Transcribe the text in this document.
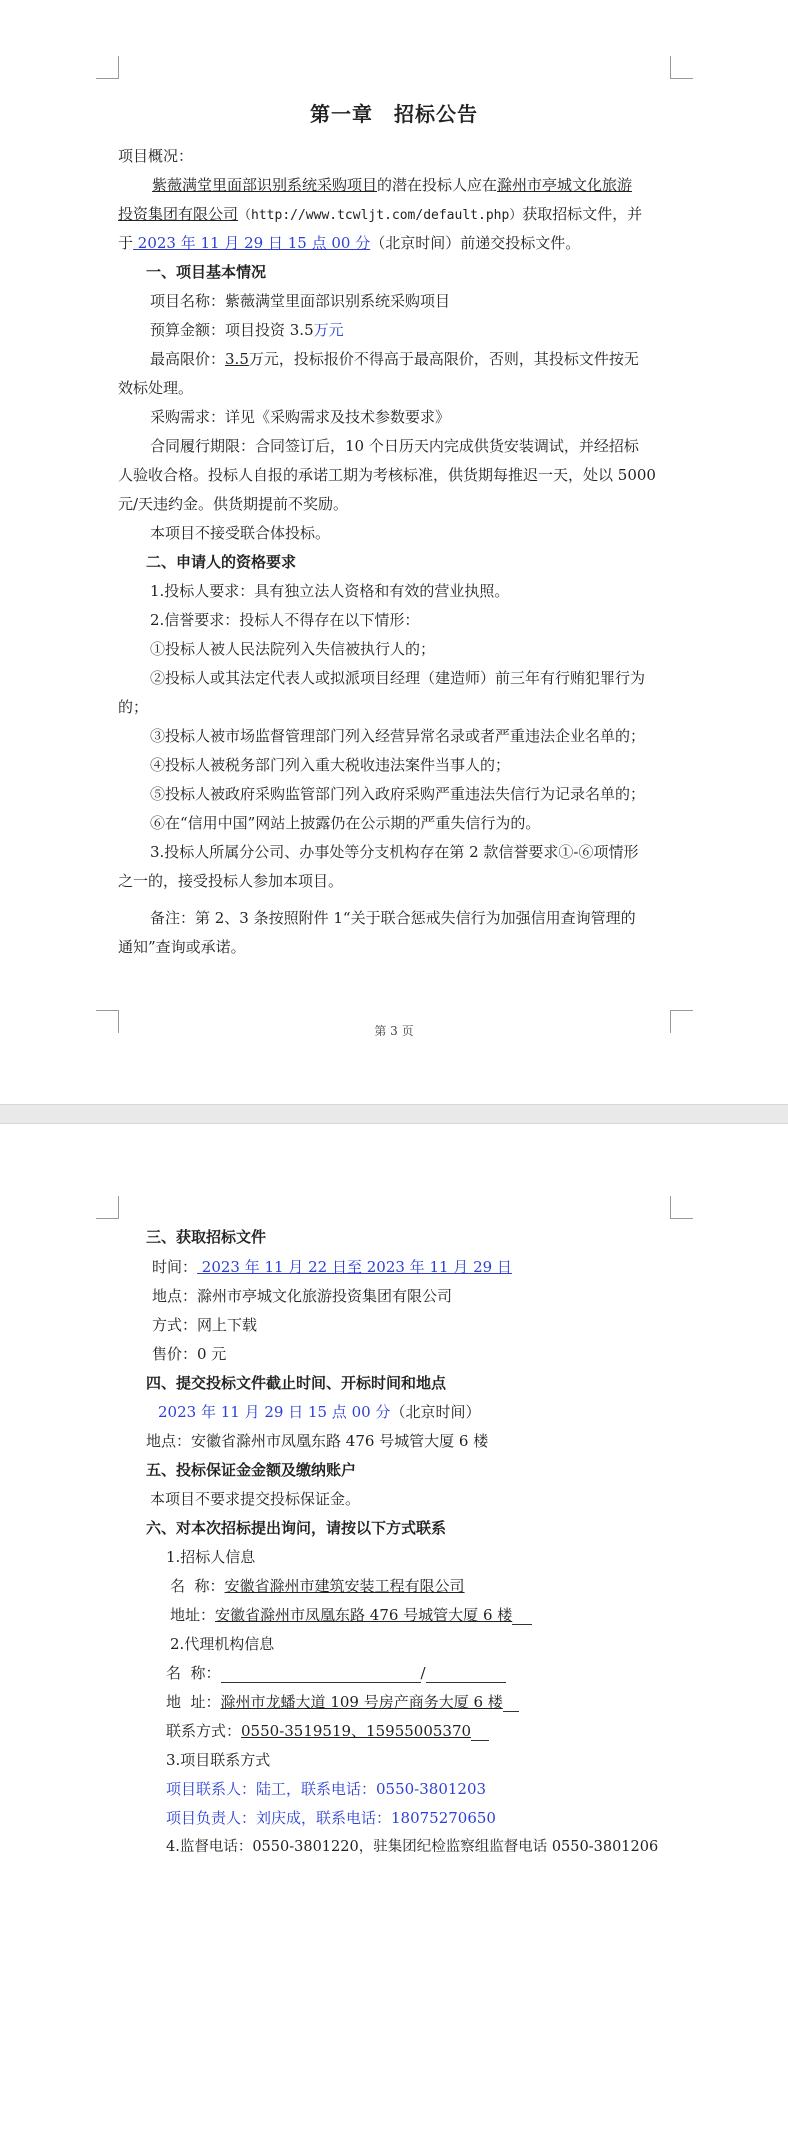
第一章　招标公告
项目概况：
紫薇满堂里面部识别系统采购项目的潜在投标人应在滁州市亭城文化旅游
投资集团有限公司（http://www.tcwljt.com/default.php）获取招标文件，并
于 2023 年 11 月 29 日 15 点 00 分（北京时间）前递交投标文件。
一、项目基本情况
项目名称：紫薇满堂里面部识别系统采购项目
预算金额：项目投资 3.5万元
最高限价：3.5万元，投标报价不得高于最高限价，否则，其投标文件按无
效标处理。
采购需求：详见《采购需求及技术参数要求》
合同履行期限：合同签订后，10 个日历天内完成供货安装调试，并经招标
人验收合格。投标人自报的承诺工期为考核标准，供货期每推迟一天，处以 5000
元/天违约金。供货期提前不奖励。
本项目不接受联合体投标。
二、申请人的资格要求
1.投标人要求：具有独立法人资格和有效的营业执照。
2.信誉要求：投标人不得存在以下情形：
①投标人被人民法院列入失信被执行人的；
②投标人或其法定代表人或拟派项目经理（建造师）前三年有行贿犯罪行为
的；
③投标人被市场监督管理部门列入经营异常名录或者严重违法企业名单的；
④投标人被税务部门列入重大税收违法案件当事人的；
⑤投标人被政府采购监管部门列入政府采购严重违法失信行为记录名单的；
⑥在“信用中国”网站上披露仍在公示期的严重失信行为的。
3.投标人所属分公司、办事处等分支机构存在第 2 款信誉要求①-⑥项情形
之一的，接受投标人参加本项目。
备注：第 2、3 条按照附件 1“关于联合惩戒失信行为加强信用查询管理的
通知”查询或承诺。
第 3 页
三、获取招标文件
时间： 2023 年 11 月 22 日至 2023 年 11 月 29 日
地点：滁州市亭城文化旅游投资集团有限公司
方式：网上下载
售价：0 元
四、提交投标文件截止时间、开标时间和地点
2023 年 11 月 29 日 15 点 00 分（北京时间）
地点：安徽省滁州市凤凰东路 476 号城管大厦 6 楼
五、投标保证金金额及缴纳账户
本项目不要求提交投标保证金。
六、对本次招标提出询问，请按以下方式联系
1.招标人信息
名  称：安徽省滁州市建筑安装工程有限公司
地址：安徽省滁州市凤凰东路 476 号城管大厦 6 楼
2.代理机构信息
名  称：	/
地  址：滁州市龙蟠大道 109 号房产商务大厦 6 楼
联系方式：0550-3519519、15955005370
3.项目联系方式
项目联系人：陆工，联系电话：0550-3801203
项目负责人：刘庆成，联系电话：18075270650
4.监督电话：0550-3801220，驻集团纪检监察组监督电话 0550-3801206
